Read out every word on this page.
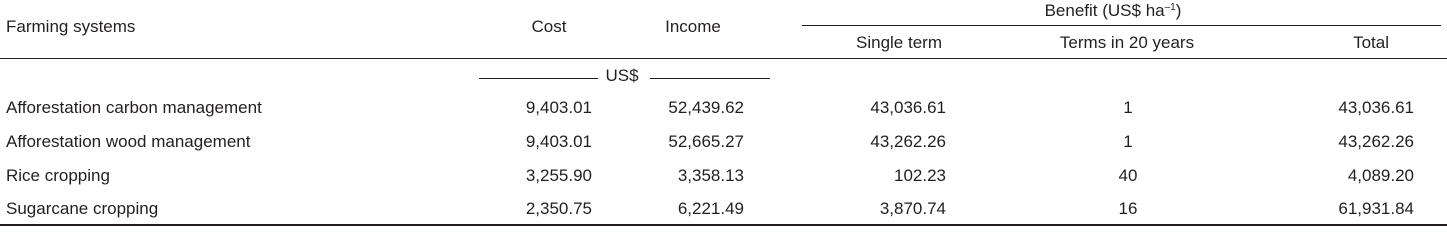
Farming systems	Cost	Income
Benefit (US$ $ha^{-1}$)
Single term	Terms in 20 years	Total
US$
Afforestation carbon management	9,403.01	52,439.62	43,036.61	1	43,036.61
Afforestation wood management	9,403.01	52,665.27	43,262.26	1	43,262.26
Rice cropping	3,255.90	3,358.13	102.23	40	4,089.20
Sugarcane cropping	2,350.75	6,221.49	3,870.74	16	61,931.84
